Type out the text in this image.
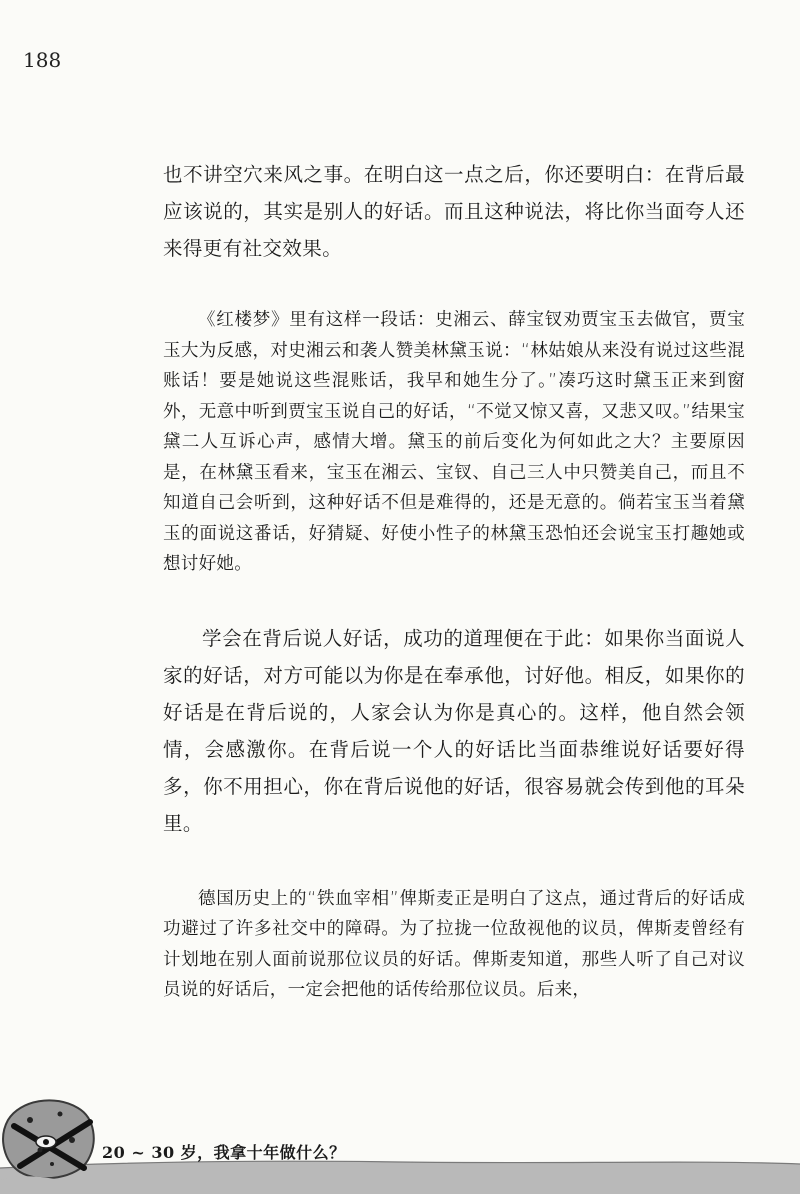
188

也不讲空穴来风之事。在明白这一点之后，你还要明白：在背后最应该说的，其实是别人的好话。而且这种说法，将比你当面夸人还来得更有社交效果。

《红楼梦》里有这样一段话：史湘云、薛宝钗劝贾宝玉去做官，贾宝玉大为反感，对史湘云和袭人赞美林黛玉说：“林姑娘从来没有说过这些混账话！要是她说这些混账话，我早和她生分了。”凑巧这时黛玉正来到窗外，无意中听到贾宝玉说自己的好话，“不觉又惊又喜，又悲又叹。”结果宝黛二人互诉心声，感情大增。黛玉的前后变化为何如此之大？主要原因是，在林黛玉看来，宝玉在湘云、宝钗、自己三人中只赞美自己，而且不知道自己会听到，这种好话不但是难得的，还是无意的。倘若宝玉当着黛玉的面说这番话，好猜疑、好使小性子的林黛玉恐怕还会说宝玉打趣她或想讨好她。

学会在背后说人好话，成功的道理便在于此：如果你当面说人家的好话，对方可能以为你是在奉承他，讨好他。相反，如果你的好话是在背后说的，人家会认为你是真心的。这样，他自然会领情，会感激你。在背后说一个人的好话比当面恭维说好话要好得多，你不用担心，你在背后说他的好话，很容易就会传到他的耳朵里。

德国历史上的“铁血宰相”俾斯麦正是明白了这点，通过背后的好话成功避过了许多社交中的障碍。为了拉拢一位敌视他的议员，俾斯麦曾经有计划地在别人面前说那位议员的好话。俾斯麦知道，那些人听了自己对议员说的好话后，一定会把他的话传给那位议员。后来，

20 ~ 30 岁，我拿十年做什么？
